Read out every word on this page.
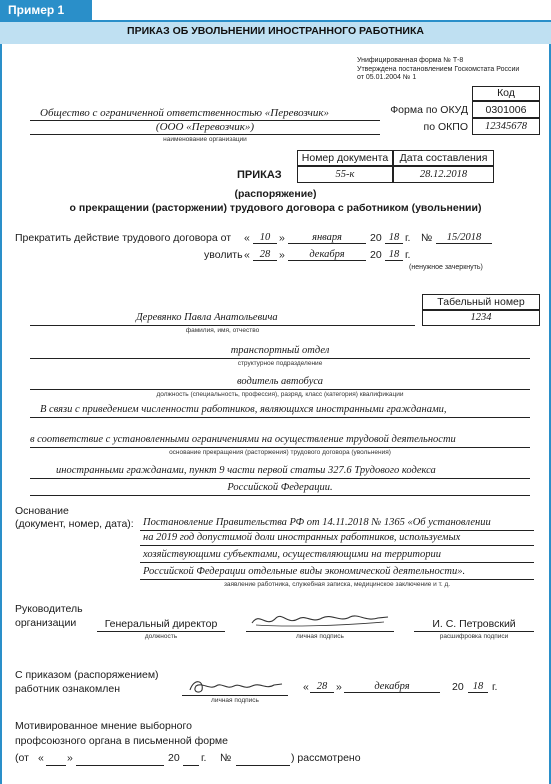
Пример 1
ПРИКАЗ ОБ УВОЛЬНЕНИИ ИНОСТРАННОГО РАБОТНИКА
Унифицированная форма № Т-8
Утверждена постановлением Госкомстата России
от 05.01.2004 № 1
Код
Форма по ОКУД	0301006
по ОКПО	12345678
Общество с ограниченной ответственностью «Перевозчик»
(ООО «Перевозчик»)
наименование организации
Номер документа	Дата составления
ПРИКАЗ	55-к	28.12.2018
(распоряжение)
о прекращении (расторжении) трудового договора с работником (увольнении)
Прекратить действие трудового договора от « 10 »	января	20 18 г. №	15/2018
уволить « 28 »	декабря	20 18 г.
(ненужное зачеркнуть)
Табельный номер
1234
Деревянко Павла Анатольевича
фамилия, имя, отчество
транспортный отдел
структурное подразделение
водитель автобуса
должность (специальность, профессия), разряд, класс (категория) квалификации
В связи с приведением численности работников, являющихся иностранными гражданами,
в соответствие с установленными ограничениями на осуществление трудовой деятельности
основание прекращения (расторжения) трудового договора (увольнения)
иностранными гражданами, пункт 9 части первой статьи 327.6 Трудового кодекса
Российской Федерации.
Основание
(документ, номер, дата): Постановление Правительства РФ от 14.11.2018 № 1365 «Об установлении
на 2019 год допустимой доли иностранных работников, используемых
хозяйствующими субъектами, осуществляющими на территории
Российской Федерации отдельные виды экономической деятельности».
заявление работника, служебная записка, медицинское заключение и т. д.
Руководитель
организации	Генеральный директор
должность	личная подпись
И. С. Петровский
расшифровка подписи
С приказом (распоряжением)
работник ознакомлен
личная подпись
« 28 »	декабря	20 18 г.
Мотивированное мнение выборного
профсоюзного органа в письменной форме
(от « »	20 г. №	) рассмотрено
